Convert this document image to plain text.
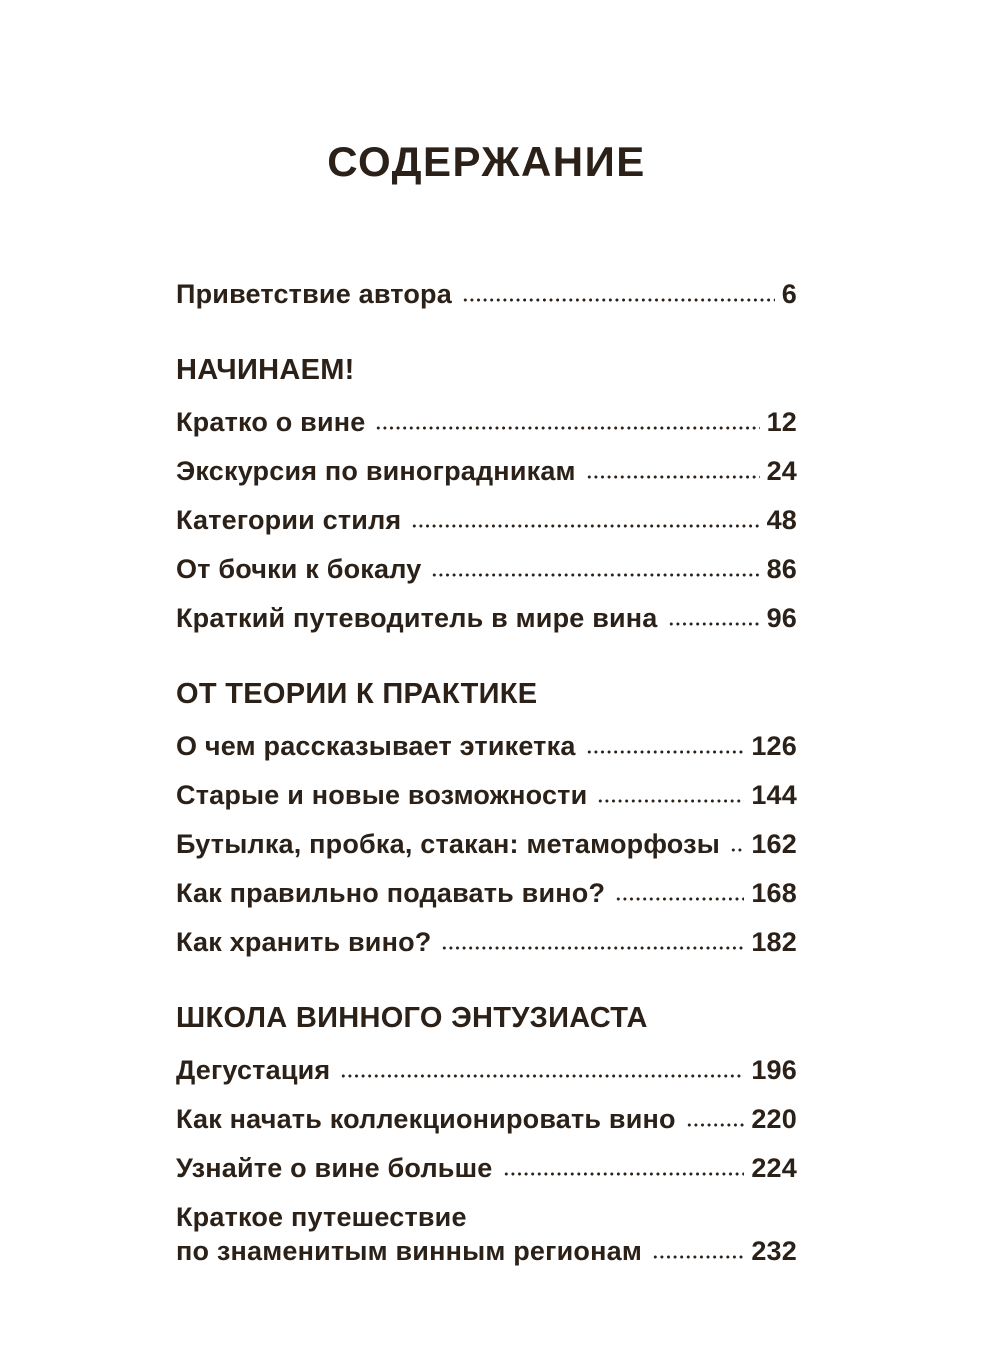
СОДЕРЖАНИЕ
Приветствие автора	6
НАЧИНАЕМ!
Кратко о вине	12
Экскурсия по виноградникам	24
Категории стиля	48
От бочки к бокалу	86
Краткий путеводитель в мире вина	96
ОТ ТЕОРИИ К ПРАКТИКЕ
О чем рассказывает этикетка	126
Старые и новые возможности	144
Бутылка, пробка, стакан: метаморфозы 162
Как правильно подавать вино?	168
Как хранить вино?	182
ШКОЛА ВИННОГО ЭНТУЗИАСТА
Дегустация	196
Как начать коллекционировать вино	220
Узнайте о вине больше	224
Краткое путешествие
по знаменитым винным регионам	232
